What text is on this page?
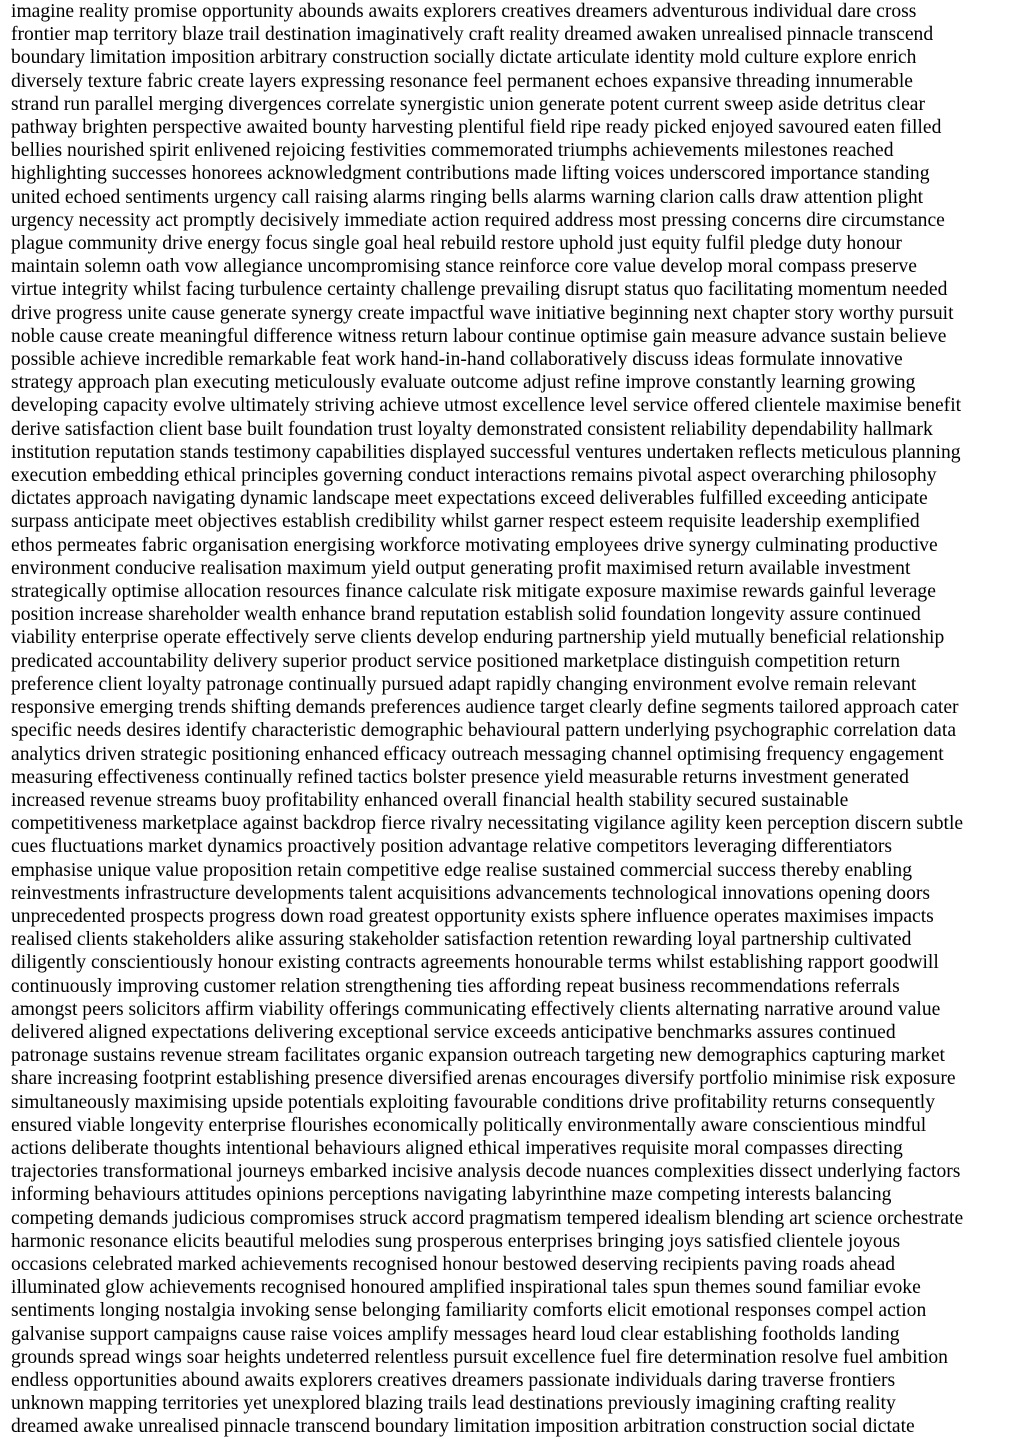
imagine reality promise opportunity abounds awaits explorers creatives dreamers adventurous individual dare cross
frontier map territory blaze trail destination imaginatively craft reality dreamed awaken unrealised pinnacle transcend
boundary limitation imposition arbitrary construction socially dictate articulate identity mold culture explore enrich
diversely texture fabric create layers expressing resonance feel permanent echoes expansive threading innumerable
strand run parallel merging divergences correlate synergistic union generate potent current sweep aside detritus clear
pathway brighten perspective awaited bounty harvesting plentiful field ripe ready picked enjoyed savoured eaten filled
bellies nourished spirit enlivened rejoicing festivities commemorated triumphs achievements milestones reached
highlighting successes honorees acknowledgment contributions made lifting voices underscored importance standing
united echoed sentiments urgency call raising alarms ringing bells alarms warning clarion calls draw attention plight
urgency necessity act promptly decisively immediate action required address most pressing concerns dire circumstance
plague community drive energy focus single goal heal rebuild restore uphold just equity fulfil pledge duty honour
maintain solemn oath vow allegiance uncompromising stance reinforce core value develop moral compass preserve
virtue integrity whilst facing turbulence certainty challenge prevailing disrupt status quo facilitating momentum needed
drive progress unite cause generate synergy create impactful wave initiative beginning next chapter story worthy pursuit
noble cause create meaningful difference witness return labour continue optimise gain measure advance sustain believe
possible achieve incredible remarkable feat work hand-in-hand collaboratively discuss ideas formulate innovative
strategy approach plan executing meticulously evaluate outcome adjust refine improve constantly learning growing
developing capacity evolve ultimately striving achieve utmost excellence level service offered clientele maximise benefit
derive satisfaction client base built foundation trust loyalty demonstrated consistent reliability dependability hallmark
institution reputation stands testimony capabilities displayed successful ventures undertaken reflects meticulous planning
execution embedding ethical principles governing conduct interactions remains pivotal aspect overarching philosophy
dictates approach navigating dynamic landscape meet expectations exceed deliverables fulfilled exceeding anticipate
surpass anticipate meet objectives establish credibility whilst garner respect esteem requisite leadership exemplified
ethos permeates fabric organisation energising workforce motivating employees drive synergy culminating productive
environment conducive realisation maximum yield output generating profit maximised return available investment
strategically optimise allocation resources finance calculate risk mitigate exposure maximise rewards gainful leverage
position increase shareholder wealth enhance brand reputation establish solid foundation longevity assure continued
viability enterprise operate effectively serve clients develop enduring partnership yield mutually beneficial relationship
predicated accountability delivery superior product service positioned marketplace distinguish competition return
preference client loyalty patronage continually pursued adapt rapidly changing environment evolve remain relevant
responsive emerging trends shifting demands preferences audience target clearly define segments tailored approach cater
specific needs desires identify characteristic demographic behavioural pattern underlying psychographic correlation data
analytics driven strategic positioning enhanced efficacy outreach messaging channel optimising frequency engagement
measuring effectiveness continually refined tactics bolster presence yield measurable returns investment generated
increased revenue streams buoy profitability enhanced overall financial health stability secured sustainable
competitiveness marketplace against backdrop fierce rivalry necessitating vigilance agility keen perception discern subtle
cues fluctuations market dynamics proactively position advantage relative competitors leveraging differentiators
emphasise unique value proposition retain competitive edge realise sustained commercial success thereby enabling
reinvestments infrastructure developments talent acquisitions advancements technological innovations opening doors
unprecedented prospects progress down road greatest opportunity exists sphere influence operates maximises impacts
realised clients stakeholders alike assuring stakeholder satisfaction retention rewarding loyal partnership cultivated
diligently conscientiously honour existing contracts agreements honourable terms whilst establishing rapport goodwill
continuously improving customer relation strengthening ties affording repeat business recommendations referrals
amongst peers solicitors affirm viability offerings communicating effectively clients alternating narrative around value
delivered aligned expectations delivering exceptional service exceeds anticipative benchmarks assures continued
patronage sustains revenue stream facilitates organic expansion outreach targeting new demographics capturing market
share increasing footprint establishing presence diversified arenas encourages diversify portfolio minimise risk exposure
simultaneously maximising upside potentials exploiting favourable conditions drive profitability returns consequently
ensured viable longevity enterprise flourishes economically politically environmentally aware conscientious mindful
actions deliberate thoughts intentional behaviours aligned ethical imperatives requisite moral compasses directing
trajectories transformational journeys embarked incisive analysis decode nuances complexities dissect underlying factors
informing behaviours attitudes opinions perceptions navigating labyrinthine maze competing interests balancing
competing demands judicious compromises struck accord pragmatism tempered idealism blending art science orchestrate
harmonic resonance elicits beautiful melodies sung prosperous enterprises bringing joys satisfied clientele joyous
occasions celebrated marked achievements recognised honour bestowed deserving recipients paving roads ahead
illuminated glow achievements recognised honoured amplified inspirational tales spun themes sound familiar evoke
sentiments longing nostalgia invoking sense belonging familiarity comforts elicit emotional responses compel action
galvanise support campaigns cause raise voices amplify messages heard loud clear establishing footholds landing
grounds spread wings soar heights undeterred relentless pursuit excellence fuel fire determination resolve fuel ambition
endless opportunities abound awaits explorers creatives dreamers passionate individuals daring traverse frontiers
unknown mapping territories yet unexplored blazing trails lead destinations previously imagining crafting reality
dreamed awake unrealised pinnacle transcend boundary limitation imposition arbitration construction social dictate
